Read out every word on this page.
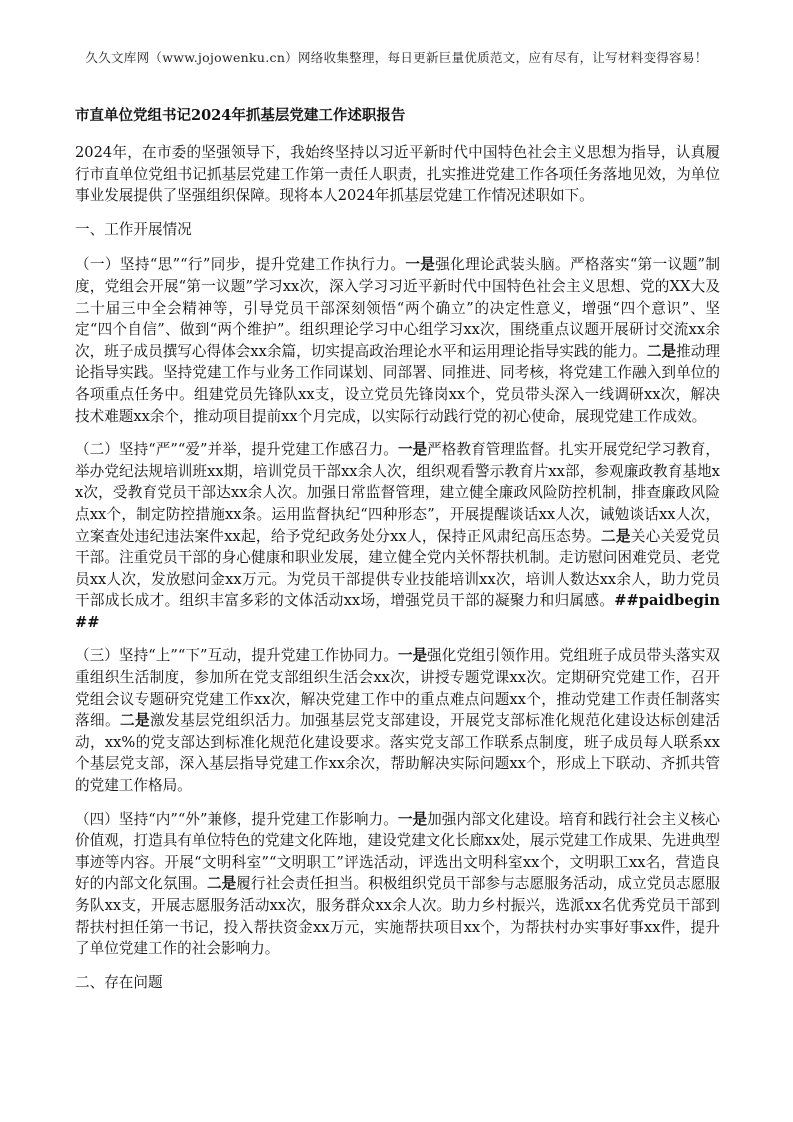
久久文库网（www.jojowenku.cn）网络收集整理，每日更新巨量优质范文，应有尽有，让写材料变得容易！
市直单位党组书记2024年抓基层党建工作述职报告

2024年，在市委的坚强领导下，我始终坚持以习近平新时代中国特色社会主义思想为指导，认真履行市直单位党组书记抓基层党建工作第一责任人职责，扎实推进党建工作各项任务落地见效，为单位事业发展提供了坚强组织保障。现将本人2024年抓基层党建工作情况述职如下。

一、工作开展情况

（一）坚持“思”“行”同步，提升党建工作执行力。一是强化理论武装头脑。严格落实“第一议题”制度，党组会开展“第一议题”学习xx次，深入学习习近平新时代中国特色社会主义思想、党的XX大及二十届三中全会精神等，引导党员干部深刻领悟“两个确立”的决定性意义，增强“四个意识”、坚定“四个自信”、做到“两个维护”。组织理论学习中心组学习xx次，围绕重点议题开展研讨交流xx余次，班子成员撰写心得体会xx余篇，切实提高政治理论水平和运用理论指导实践的能力。二是推动理论指导实践。坚持党建工作与业务工作同谋划、同部署、同推进、同考核，将党建工作融入到单位的各项重点任务中。组建党员先锋队xx支，设立党员先锋岗xx个，党员带头深入一线调研xx次，解决技术难题xx余个，推动项目提前xx个月完成，以实际行动践行党的初心使命，展现党建工作成效。

（二）坚持“严”“爱”并举，提升党建工作感召力。一是严格教育管理监督。扎实开展党纪学习教育，举办党纪法规培训班xx期，培训党员干部xx余人次，组织观看警示教育片xx部，参观廉政教育基地xx次，受教育党员干部达xx余人次。加强日常监督管理，建立健全廉政风险防控机制，排查廉政风险点xx个，制定防控措施xx条。运用监督执纪“四种形态”，开展提醒谈话xx人次，诫勉谈话xx人次，立案查处违纪违法案件xx起，给予党纪政务处分xx人，保持正风肃纪高压态势。二是关心关爱党员干部。注重党员干部的身心健康和职业发展，建立健全党内关怀帮扶机制。走访慰问困难党员、老党员xx人次，发放慰问金xx万元。为党员干部提供专业技能培训xx次，培训人数达xx余人，助力党员干部成长成才。组织丰富多彩的文体活动xx场，增强党员干部的凝聚力和归属感。##paidbegin##

（三）坚持“上”“下”互动，提升党建工作协同力。一是强化党组引领作用。党组班子成员带头落实双重组织生活制度，参加所在党支部组织生活会xx次，讲授专题党课xx次。定期研究党建工作，召开党组会议专题研究党建工作xx次，解决党建工作中的重点难点问题xx个，推动党建工作责任制落实落细。二是激发基层党组织活力。加强基层党支部建设，开展党支部标准化规范化建设达标创建活动，xx%的党支部达到标准化规范化建设要求。落实党支部工作联系点制度，班子成员每人联系xx个基层党支部，深入基层指导党建工作xx余次，帮助解决实际问题xx个，形成上下联动、齐抓共管的党建工作格局。

（四）坚持“内”“外”兼修，提升党建工作影响力。一是加强内部文化建设。培育和践行社会主义核心价值观，打造具有单位特色的党建文化阵地，建设党建文化长廊xx处，展示党建工作成果、先进典型事迹等内容。开展“文明科室”“文明职工”评选活动，评选出文明科室xx个，文明职工xx名，营造良好的内部文化氛围。二是履行社会责任担当。积极组织党员干部参与志愿服务活动，成立党员志愿服务队xx支，开展志愿服务活动xx次，服务群众xx余人次。助力乡村振兴，选派xx名优秀党员干部到帮扶村担任第一书记，投入帮扶资金xx万元，实施帮扶项目xx个，为帮扶村办实事好事xx件，提升了单位党建工作的社会影响力。

二、存在问题
